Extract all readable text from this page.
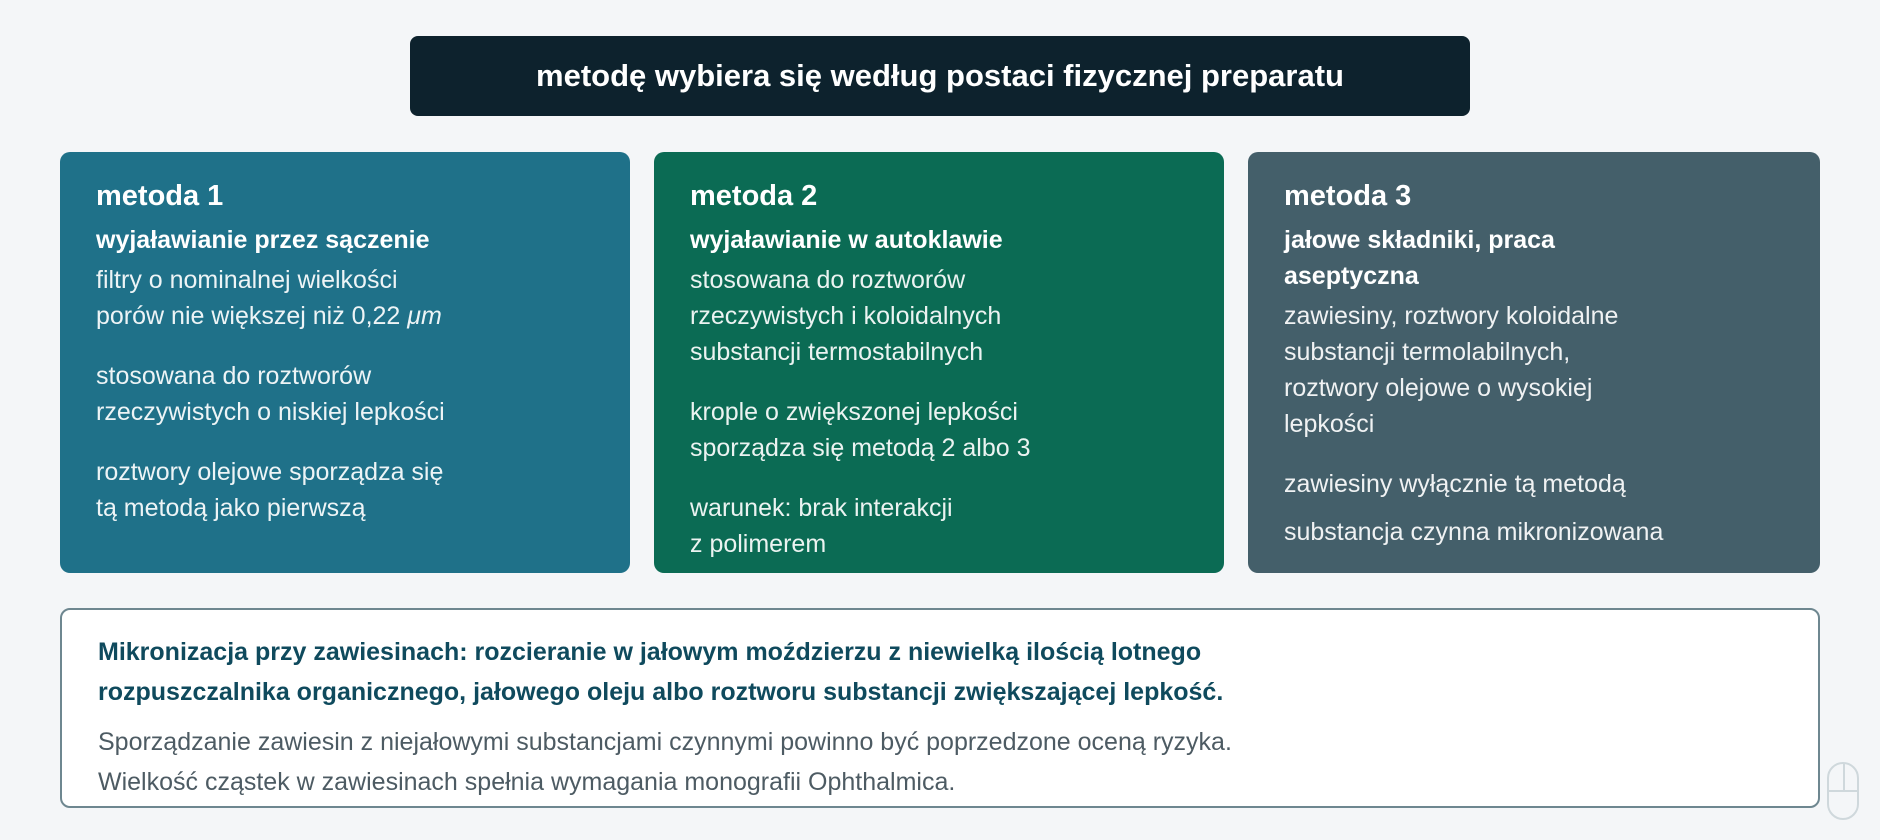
metodę wybiera się według postaci fizycznej preparatu
metoda 1
wyjaławianie przez sączenie
filtry o nominalnej wielkości
porów nie większej niż 0,22 μm
stosowana do roztworów
rzeczywistych o niskiej lepkości
roztwory olejowe sporządza się
tą metodą jako pierwszą
metoda 2
wyjaławianie w autoklawie
stosowana do roztworów
rzeczywistych i koloidalnych
substancji termostabilnych
krople o zwiększonej lepkości
sporządza się metodą 2 albo 3
warunek: brak interakcji
z polimerem
metoda 3
jałowe składniki, praca
aseptyczna
zawiesiny, roztwory koloidalne
substancji termolabilnych,
roztwory olejowe o wysokiej
lepkości
zawiesiny wyłącznie tą metodą
substancja czynna mikronizowana
Mikronizacja przy zawiesinach: rozcieranie w jałowym moździerzu z niewielką ilością lotnego
rozpuszczalnika organicznego, jałowego oleju albo roztworu substancji zwiększającej lepkość.
Sporządzanie zawiesin z niejałowymi substancjami czynnymi powinno być poprzedzone oceną ryzyka.
Wielkość cząstek w zawiesinach spełnia wymagania monografii Ophthalmica.
